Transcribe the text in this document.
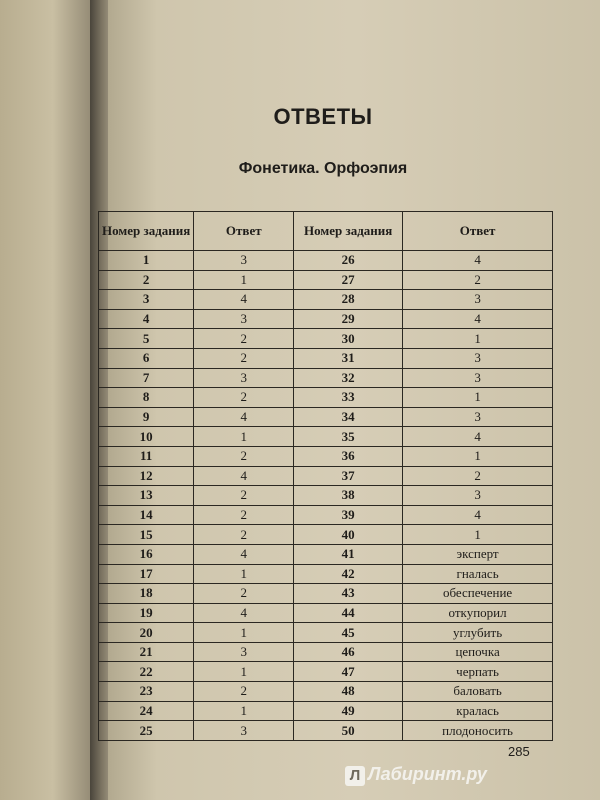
ОТВЕТЫ
Фонетика. Орфоэпия
Номер задания	Ответ	Номер задания	Ответ
1	3	26	4
2	1	27	2
3	4	28	3
4	3	29	4
5	2	30	1
6	2	31	3
7	3	32	3
8	2	33	1
9	4	34	3
10	1	35	4
11	2	36	1
12	4	37	2
13	2	38	3
14	2	39	4
15	2	40	1
16	4	41	эксперт
17	1	42	гналась
18	2	43	обеспечение
19	4	44	откупорил
20	1	45	углубить
21	3	46	цепочка
22	1	47	черпать
23	2	48	баловать
24	1	49	кралась
25	3	50	плодоносить
285
Л Лабиринт.ру
